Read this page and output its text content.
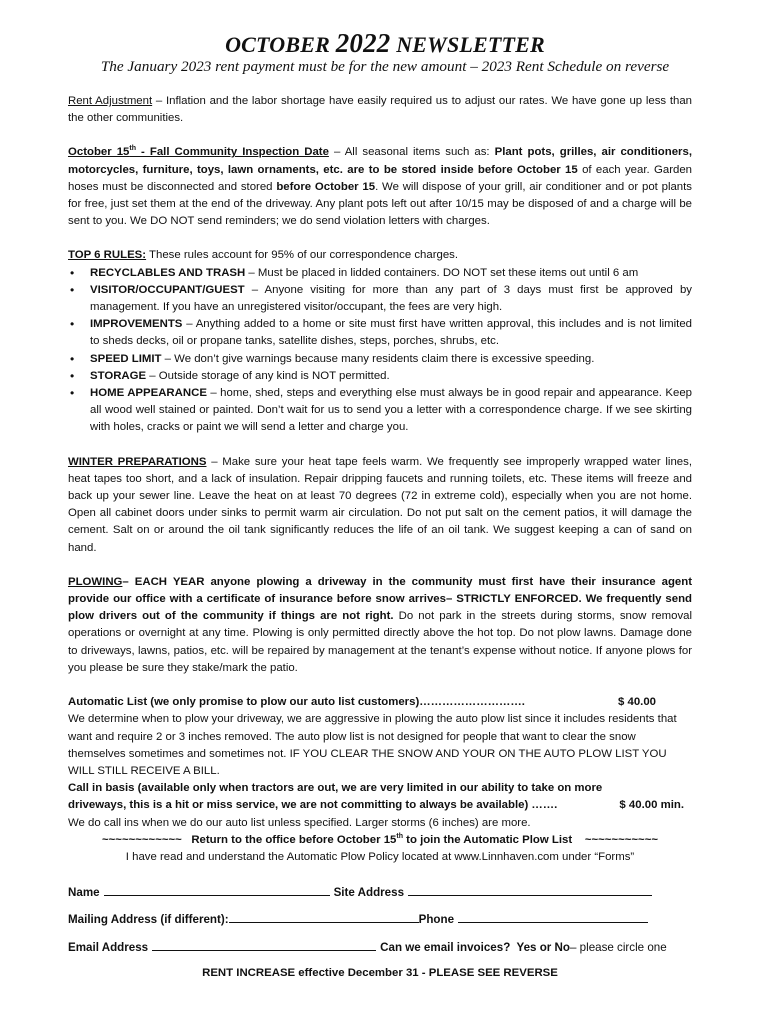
OCTOBER 2022 NEWSLETTER
The January 2023 rent payment must be for the new amount – 2023 Rent Schedule on reverse

Rent Adjustment – Inflation and the labor shortage have easily required us to adjust our rates. We have gone up less than the other communities.

October 15th - Fall Community Inspection Date – All seasonal items such as: Plant pots, grilles, air conditioners, motorcycles, furniture, toys, lawn ornaments, etc. are to be stored inside before October 15 of each year. Garden hoses must be disconnected and stored before October 15. We will dispose of your grill, air conditioner and or pot plants for free, just set them at the end of the driveway. Any plant pots left out after 10/15 may be disposed of and a charge will be sent to you. We DO NOT send reminders; we do send violation letters with charges.

TOP 6 RULES: These rules account for 95% of our correspondence charges.
• RECYCLABLES AND TRASH – Must be placed in lidded containers. DO NOT set these items out until 6 am
• VISITOR/OCCUPANT/GUEST – Anyone visiting for more than any part of 3 days must first be approved by management. If you have an unregistered visitor/occupant, the fees are very high.
• IMPROVEMENTS – Anything added to a home or site must first have written approval, this includes and is not limited to sheds decks, oil or propane tanks, satellite dishes, steps, porches, shrubs, etc.
• SPEED LIMIT – We don’t give warnings because many residents claim there is excessive speeding.
• STORAGE – Outside storage of any kind is NOT permitted.
• HOME APPEARANCE – home, shed, steps and everything else must always be in good repair and appearance. Keep all wood well stained or painted. Don’t wait for us to send you a letter with a correspondence charge. If we see skirting with holes, cracks or paint we will send a letter and charge you.

WINTER PREPARATIONS – Make sure your heat tape feels warm. We frequently see improperly wrapped water lines, heat tapes too short, and a lack of insulation. Repair dripping faucets and running toilets, etc. These items will freeze and back up your sewer line. Leave the heat on at least 70 degrees (72 in extreme cold), especially when you are not home. Open all cabinet doors under sinks to permit warm air circulation. Do not put salt on the cement patios, it will damage the cement. Salt on or around the oil tank significantly reduces the life of an oil tank. We suggest keeping a can of sand on hand.

PLOWING– EACH YEAR anyone plowing a driveway in the community must first have their insurance agent provide our office with a certificate of insurance before snow arrives– STRICTLY ENFORCED. We frequently send plow drivers out of the community if things are not right. Do not park in the streets during storms, snow removal operations or overnight at any time. Plowing is only permitted directly above the hot top. Do not plow lawns. Damage done to driveways, lawns, patios, etc. will be repaired by management at the tenant’s expense without notice. If anyone plows for you please be sure they stake/mark the patio.

Automatic List (we only promise to plow our auto list customers)……………………….	$ 40.00

We determine when to plow your driveway, we are aggressive in plowing the auto plow list since it includes residents that want and require 2 or 3 inches removed. The auto plow list is not designed for people that want to clear the snow themselves sometimes and sometimes not. IF YOU CLEAR THE SNOW AND YOUR ON THE AUTO PLOW LIST YOU WILL STILL RECEIVE A BILL.

Call in basis (available only when tractors are out, we are very limited in our ability to take on more
driveways, this is a hit or miss service, we are not committing to always be available) …….	$ 40.00 min.
We do call ins when we do our auto list unless specified. Larger storms (6 inches) are more.
~~~~~~~~~~~~ Return to the office before October 15th to join the Automatic Plow List ~~~~~~~~~~~
I have read and understand the Automatic Plow Policy located at www.Linnhaven.com under “Forms”
Name	Site Address
Mailing Address (if different):	Phone
Email Address	Can we email invoices?  Yes or No – please circle one
RENT INCREASE effective December 31 - PLEASE SEE REVERSE
